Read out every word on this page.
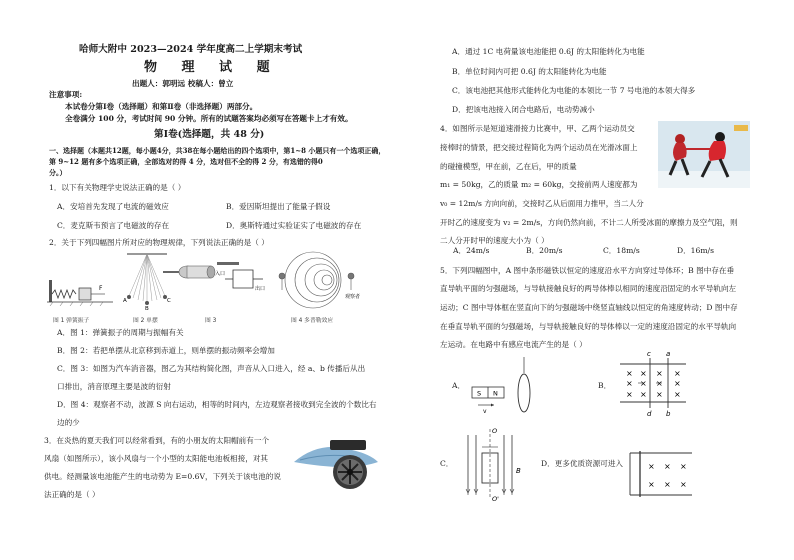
哈师大附中 2023—2024 学年度高二上学期末考试
物 理 试 题
出题人：郭明远 校稿人：曾立
注意事项:
本试卷分第Ⅰ卷（选择题）和第Ⅱ卷（非选择题）两部分。
全卷满分 100 分，考试时间 90 分钟。所有的试题答案均必须写在答题卡上才有效。
第Ⅰ卷(选择题，共 48 分)
一、选择题（本题共12题，每小题4分，共38在每小题给出的四个选项中，第1~8 小题只有一个选项正确，
第 9~12 题有多个选项正确，全部选对的得 4 分，选对但不全的得 2 分，有选错的得0
分。）
1．以下有关物理学史说法正确的是（ ）
A．安培首先发现了电流的磁效应	B．爱因斯坦提出了能量子假设
C．麦克斯韦预言了电磁波的存在	D．奥斯特通过实验证实了电磁波的存在
2．关于下列四幅图片所对应的物理规律，下列说法正确的是（ ）
F
A
B
C
入口
出口
观察者
图 1 弹簧振子	图 2 单摆	图 3	图 4 多普勒效应
A．图 1：弹簧振子的周期与振幅有关
B．图 2：若把单摆从北京移到赤道上，则单摆的振动频率会增加
C．图 3：如图为汽车消音器，图乙为其结构简化图，声音从入口进入，经 a、b 传播后从出
口排出，消音原理主要是波的衍射
D．图 4：观察者不动，波源 S 向右运动，相等的时间内，左边观察者接收到完全波的个数比右
边的少
3．在炎热的夏天我们可以经常看到，有的小朋友的太阳帽前有一个
风扇（如图所示），该小风扇与一个小型的太阳能电池板相接，对其
供电。经测量该电池能产生的电动势为 E=0.6V，下列关于该电池的说
法正确的是（ ）
A．通过 1C 电荷量该电池能把 0.6J 的太阳能转化为电能
B．单位时间内可把 0.6J 的太阳能转化为电能
C．该电池把其他形式能转化为电能的本领比一节 7 号电池的本领大得多
D．把该电池接入闭合电路后，电动势减小
4．如图所示是短道速滑接力比赛中，甲、乙两个运动员交
接棒时的情景，把交接过程简化为两个运动员在光滑冰面上
的碰撞模型，甲在前，乙在后，甲的质量
m₁ = 50kg，乙的质量 m₂ = 60kg，交接前两人速度都为
v₀ = 12m/s 方向向前，交接时乙从后面用力推甲，当二人分
开时乙的速度变为 v₂ = 2m/s，方向仍然向前，不计二人所受冰面的摩擦力及空气阻，则
二人分开时甲的速度大小为（ ）
A．24m/s	B．20m/s	C．18m/s	D．16m/s
5．下列四幅图中，A 图中条形磁铁以恒定的速度沿水平方向穿过导体环；B 图中存在垂
直导轨平面的匀强磁场，与导轨接触良好的两导体棒以相同的速度沿固定的水平导轨向左
运动；C 图中导体框在竖直向下的匀强磁场中绕竖直轴线以恒定的角速度转动；D 图中存
在垂直导轨平面的匀强磁场，与导轨接触良好的导体棒以一定的速度沿固定的水平导轨向
左运动。在电路中有感应电流产生的是（ ）
A．
S N
v
B．
× × × ×
× × × ×
× × × ×
c a
d b
C．
O
O'
B
D．更多优质资源可进入	× × ×
× × ×
